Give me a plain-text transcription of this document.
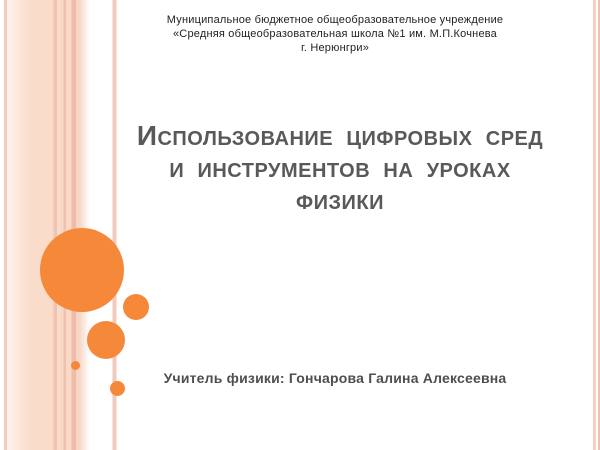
Муниципальное бюджетное общеобразовательное учреждение
«Средняя общеобразовательная школа №1 им. М.П.Кочнева
г. Нерюнгри»
Использование цифровых сред
и инструментов на уроках
физики
Учитель физики: Гончарова Галина Алексеевна
